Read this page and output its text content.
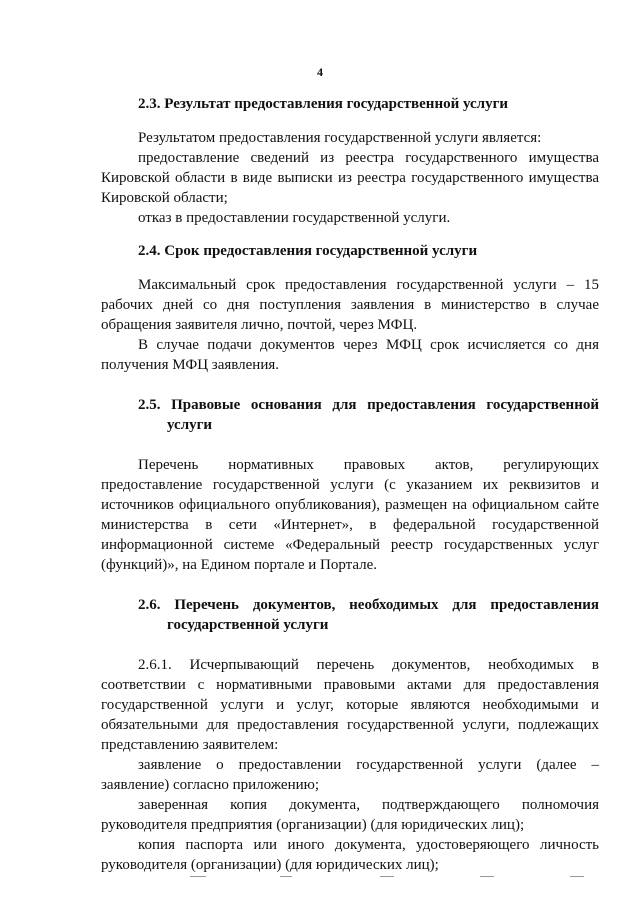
4
2.3. Результат предоставления государственной услуги

Результатом предоставления государственной услуги является:

предоставление сведений из реестра государственного имущества Кировской области в виде выписки из реестра государственного имущества Кировской области;

отказ в предоставлении государственной услуги.

2.4. Срок предоставления государственной услуги

Максимальный срок предоставления государственной услуги – 15 рабочих дней со дня поступления заявления в министерство в случае обращения заявителя лично, почтой, через МФЦ.

В случае подачи документов через МФЦ срок исчисляется со дня получения МФЦ заявления.

2.5. Правовые основания для предоставления государственной услуги

Перечень нормативных правовых актов, регулирующих предоставление государственной услуги (с указанием их реквизитов и источников официального опубликования), размещен на официальном сайте министерства в сети «Интернет», в федеральной государственной информационной системе «Федеральный реестр государственных услуг (функций)», на Едином портале и Портале.

2.6. Перечень документов, необходимых для предоставления государственной услуги

2.6.1. Исчерпывающий перечень документов, необходимых в соответствии с нормативными правовыми актами для предоставления государственной услуги и услуг, которые являются необходимыми и обязательными для предоставления государственной услуги, подлежащих представлению заявителем:

заявление о предоставлении государственной услуги (далее – заявление) согласно приложению;

заверенная копия документа, подтверждающего полномочия руководителя предприятия (организации) (для юридических лиц);

копия паспорта или иного документа, удостоверяющего личность руководителя (организации) (для юридических лиц);
